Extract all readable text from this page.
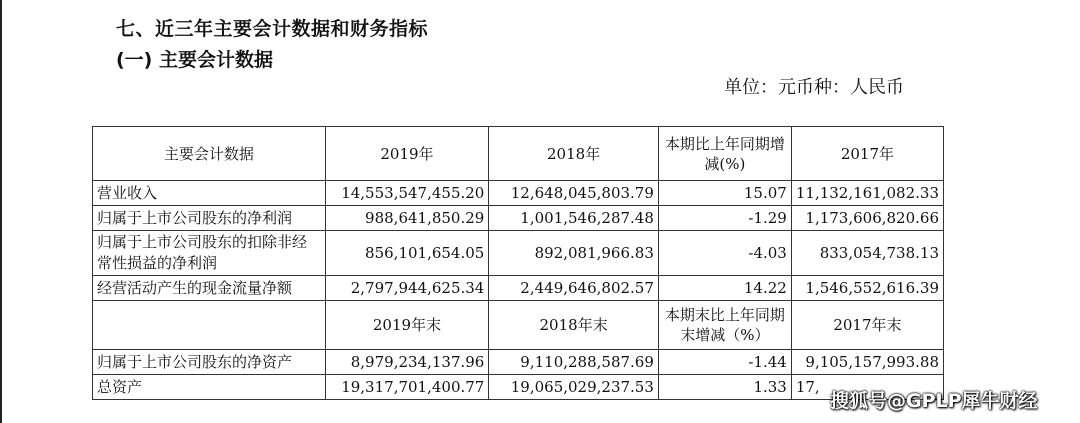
七、近三年主要会计数据和财务指标
(一) 主要会计数据
单位：元币种：人民币
主要会计数据	2019年	2018年	本期比上年同期增减(%)	2017年
营业收入	14,553,547,455.20	12,648,045,803.79	15.07	11,132,161,082.33
归属于上市公司股东的净利润	988,641,850.29	1,001,546,287.48	-1.29	1,173,606,820.66
归属于上市公司股东的扣除非经常性损益的净利润	856,101,654.05	892,081,966.83	-4.03	833,054,738.13
经营活动产生的现金流量净额	2,797,944,625.34	2,449,646,802.57	14.22	1,546,552,616.39
	2019年末	2018年末	本期末比上年同期末增减（%）	2017年末
归属于上市公司股东的净资产	8,979,234,137.96	9,110,288,587.69	-1.44	9,105,157,993.88
总资产	19,317,701,400.77	19,065,029,237.53	1.33	17,
搜狐号@GPLP犀牛财经
